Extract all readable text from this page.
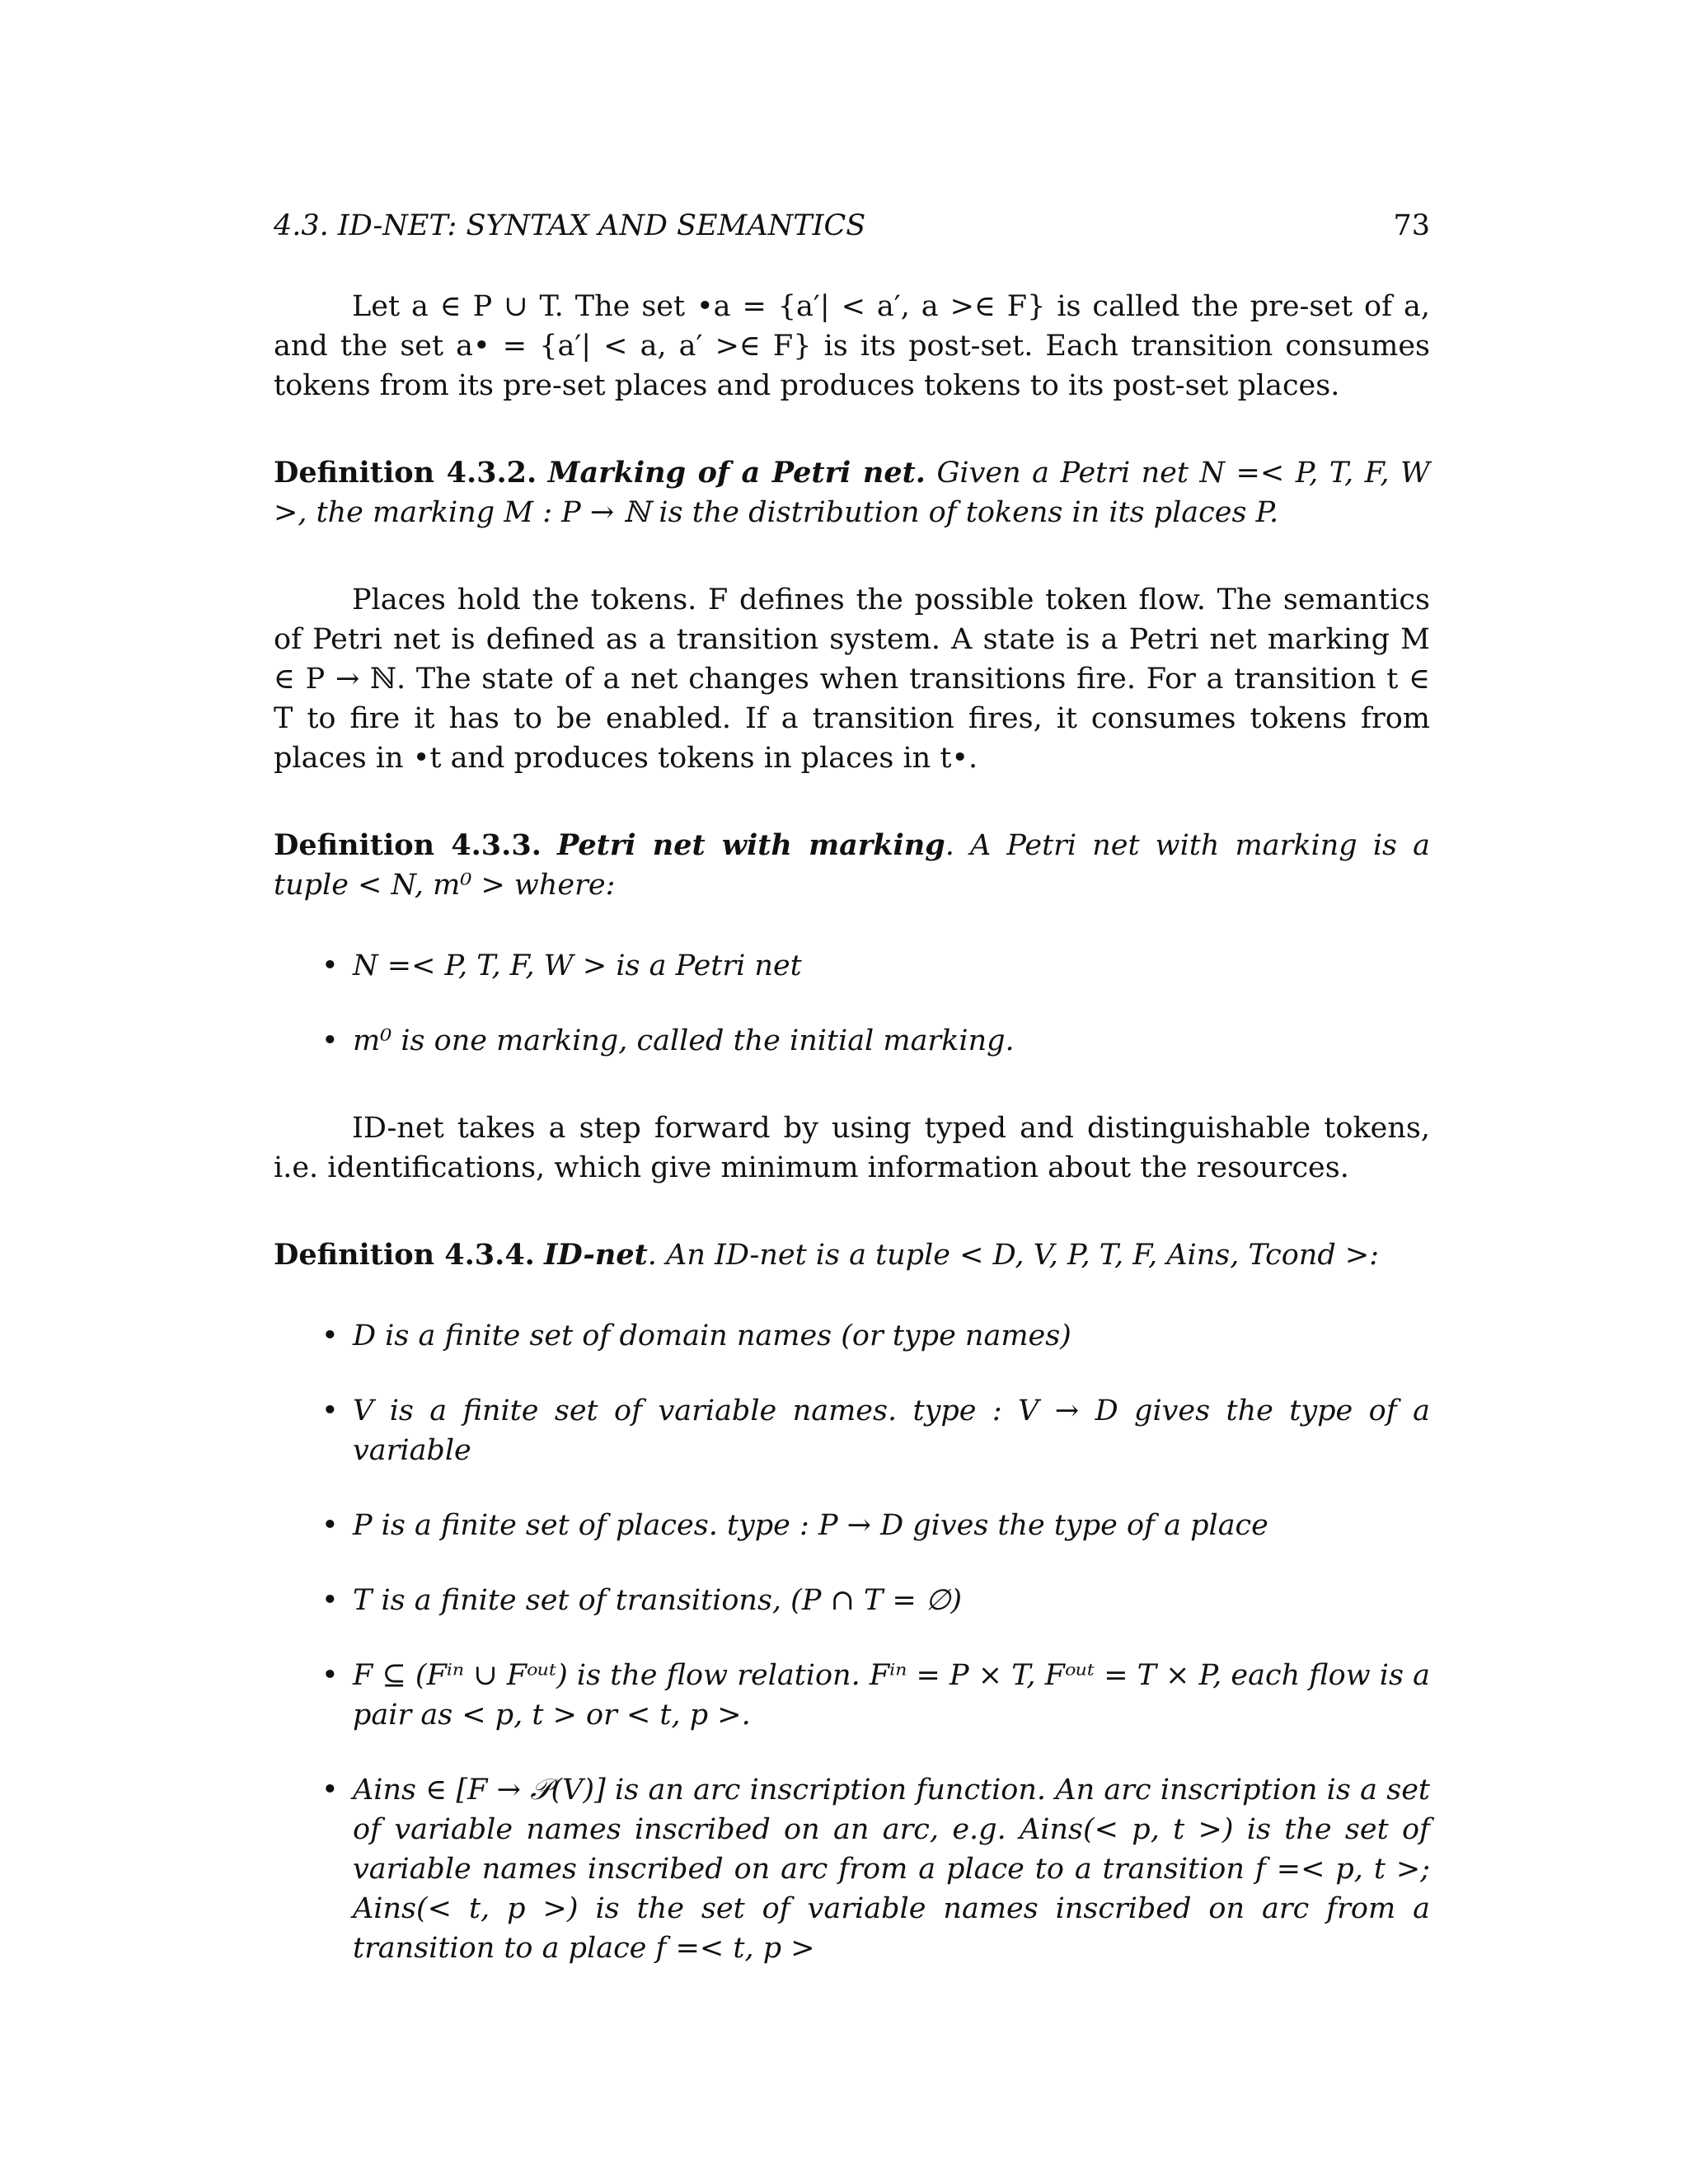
4.3. ID-NET: SYNTAX AND SEMANTICS	73

Let a ∈ P ∪ T. The set •a = {a′| < a′, a >∈ F} is called the pre-set of a, and the set a• = {a′| < a, a′ >∈ F} is its post-set. Each transition consumes tokens from its pre-set places and produces tokens to its post-set places.

Definition 4.3.2. Marking of a Petri net. Given a Petri net N =< P, T, F, W >, the marking M : P → ℕ is the distribution of tokens in its places P.

Places hold the tokens. F defines the possible token flow. The semantics of Petri net is defined as a transition system. A state is a Petri net marking M ∈ P → ℕ. The state of a net changes when transitions fire. For a transition t ∈ T to fire it has to be enabled. If a transition fires, it consumes tokens from places in •t and produces tokens in places in t•.

Definition 4.3.3. Petri net with marking. A Petri net with marking is a tuple < N, m⁰ > where:

• N =< P, T, F, W > is a Petri net
• m⁰ is one marking, called the initial marking.

ID-net takes a step forward by using typed and distinguishable tokens, i.e. identifications, which give minimum information about the resources.

Definition 4.3.4. ID-net. An ID-net is a tuple < D, V, P, T, F, Ains, Tcond >:

• D is a finite set of domain names (or type names)
• V is a finite set of variable names. type : V → D gives the type of a variable
• P is a finite set of places. type : P → D gives the type of a place
• T is a finite set of transitions, (P ∩ T = ∅)
• F ⊆ (Fⁱⁿ ∪ Fᵒᵘᵗ) is the flow relation. Fⁱⁿ = P × T, Fᵒᵘᵗ = T × P, each flow is a pair as < p, t > or < t, p >.
• Ains ∈ [F → 𝒫(V)] is an arc inscription function. An arc inscription is a set of variable names inscribed on an arc, e.g. Ains(< p, t >) is the set of variable names inscribed on arc from a place to a transition f =< p, t >; Ains(< t, p >) is the set of variable names inscribed on arc from a transition to a place f =< t, p >
